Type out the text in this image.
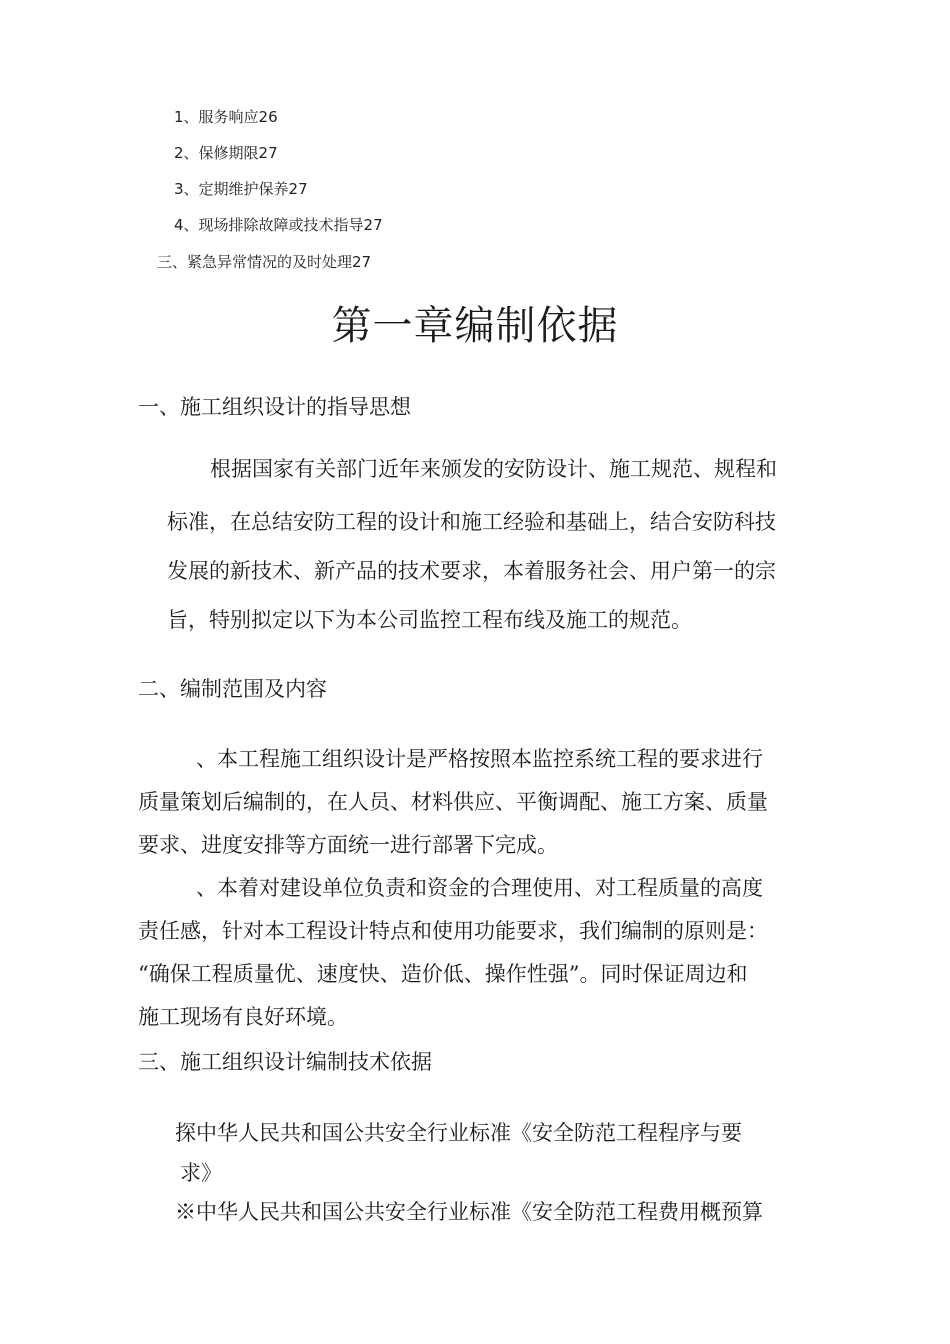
1、服务响应26
2、保修期限27
3、定期维护保养27
4、现场排除故障或技术指导27
三、紧急异常情况的及时处理27
第一章编制依据
一、施工组织设计的指导思想
根据国家有关部门近年来颁发的安防设计、施工规范、规程和
标准，在总结安防工程的设计和施工经验和基础上，结合安防科技
发展的新技术、新产品的技术要求，本着服务社会、用户第一的宗
旨，特别拟定以下为本公司监控工程布线及施工的规范。
二、编制范围及内容
、本工程施工组织设计是严格按照本监控系统工程的要求进行
质量策划后编制的，在人员、材料供应、平衡调配、施工方案、质量
要求、进度安排等方面统一进行部署下完成。
、本着对建设单位负责和资金的合理使用、对工程质量的高度
责任感，针对本工程设计特点和使用功能要求，我们编制的原则是：
“确保工程质量优、速度快、造价低、操作性强”。同时保证周边和
施工现场有良好环境。
三、施工组织设计编制技术依据
探中华人民共和国公共安全行业标准《安全防范工程程序与要
求》
※中华人民共和国公共安全行业标准《安全防范工程费用概预算
